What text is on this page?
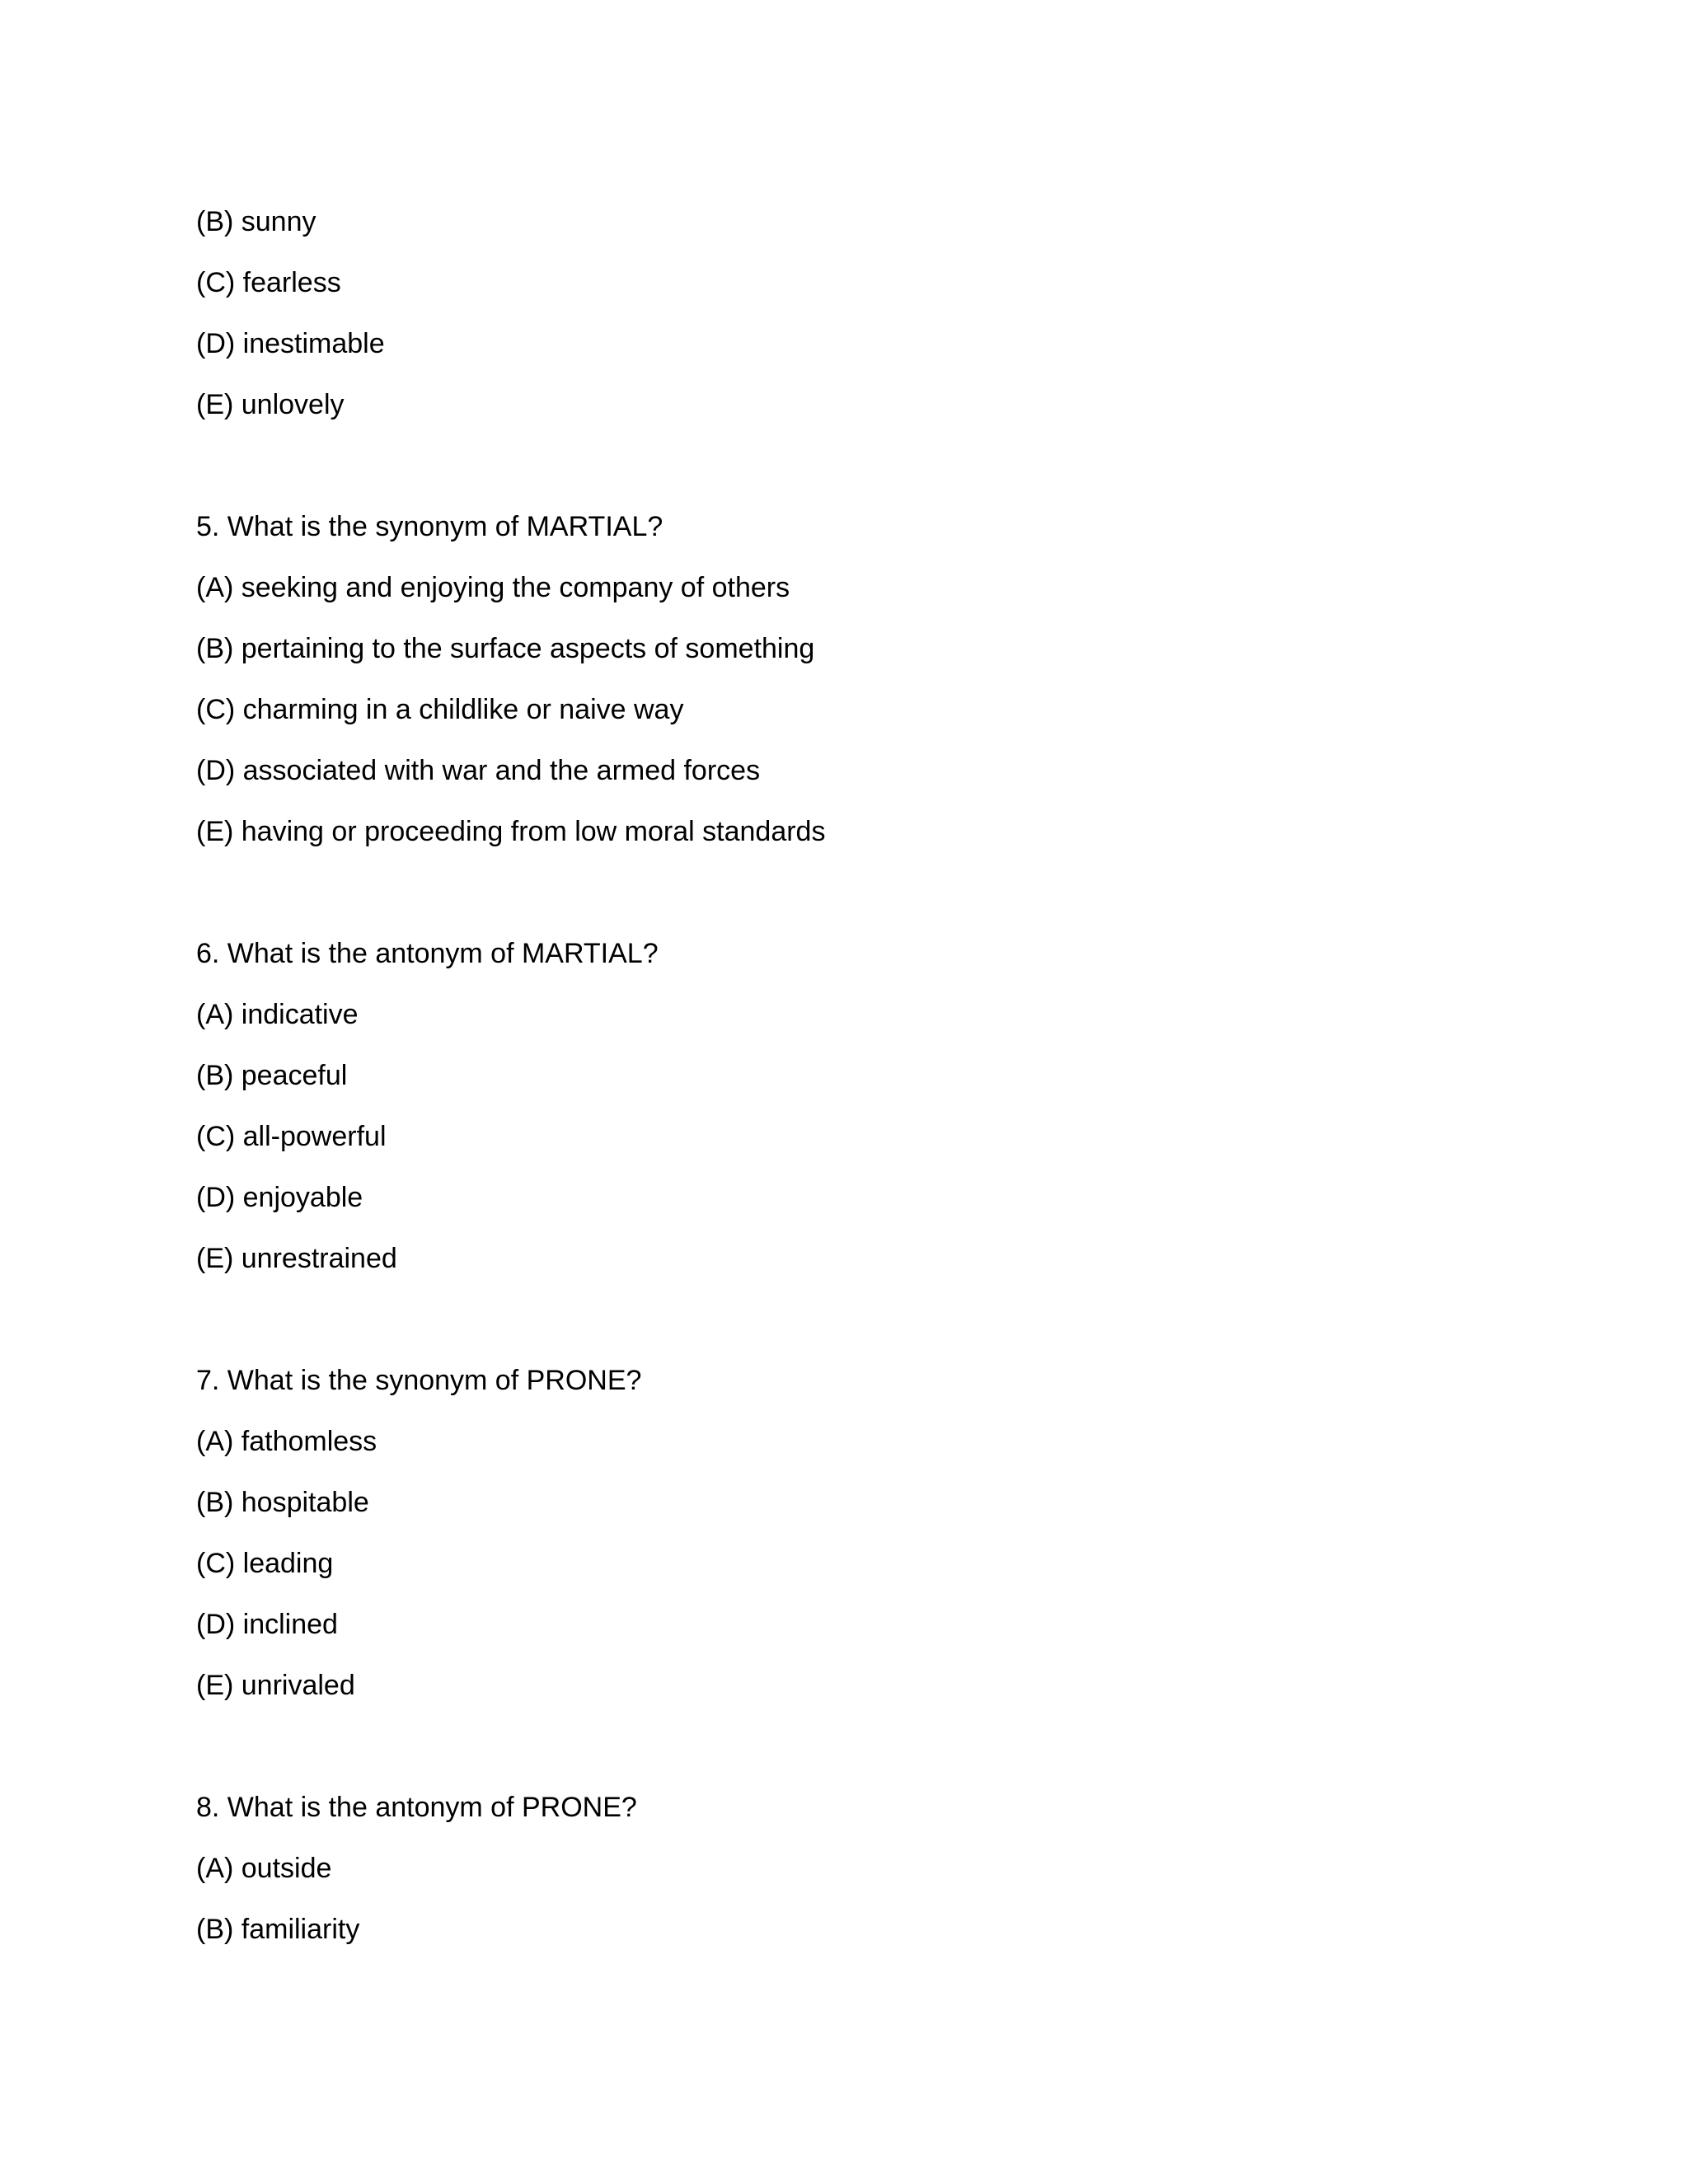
(B) sunny
(C) fearless
(D) inestimable
(E) unlovely
5. What is the synonym of MARTIAL?
(A) seeking and enjoying the company of others
(B) pertaining to the surface aspects of something
(C) charming in a childlike or naive way
(D) associated with war and the armed forces
(E) having or proceeding from low moral standards
6. What is the antonym of MARTIAL?
(A) indicative
(B) peaceful
(C) all-powerful
(D) enjoyable
(E) unrestrained
7. What is the synonym of PRONE?
(A) fathomless
(B) hospitable
(C) leading
(D) inclined
(E) unrivaled
8. What is the antonym of PRONE?
(A) outside
(B) familiarity
